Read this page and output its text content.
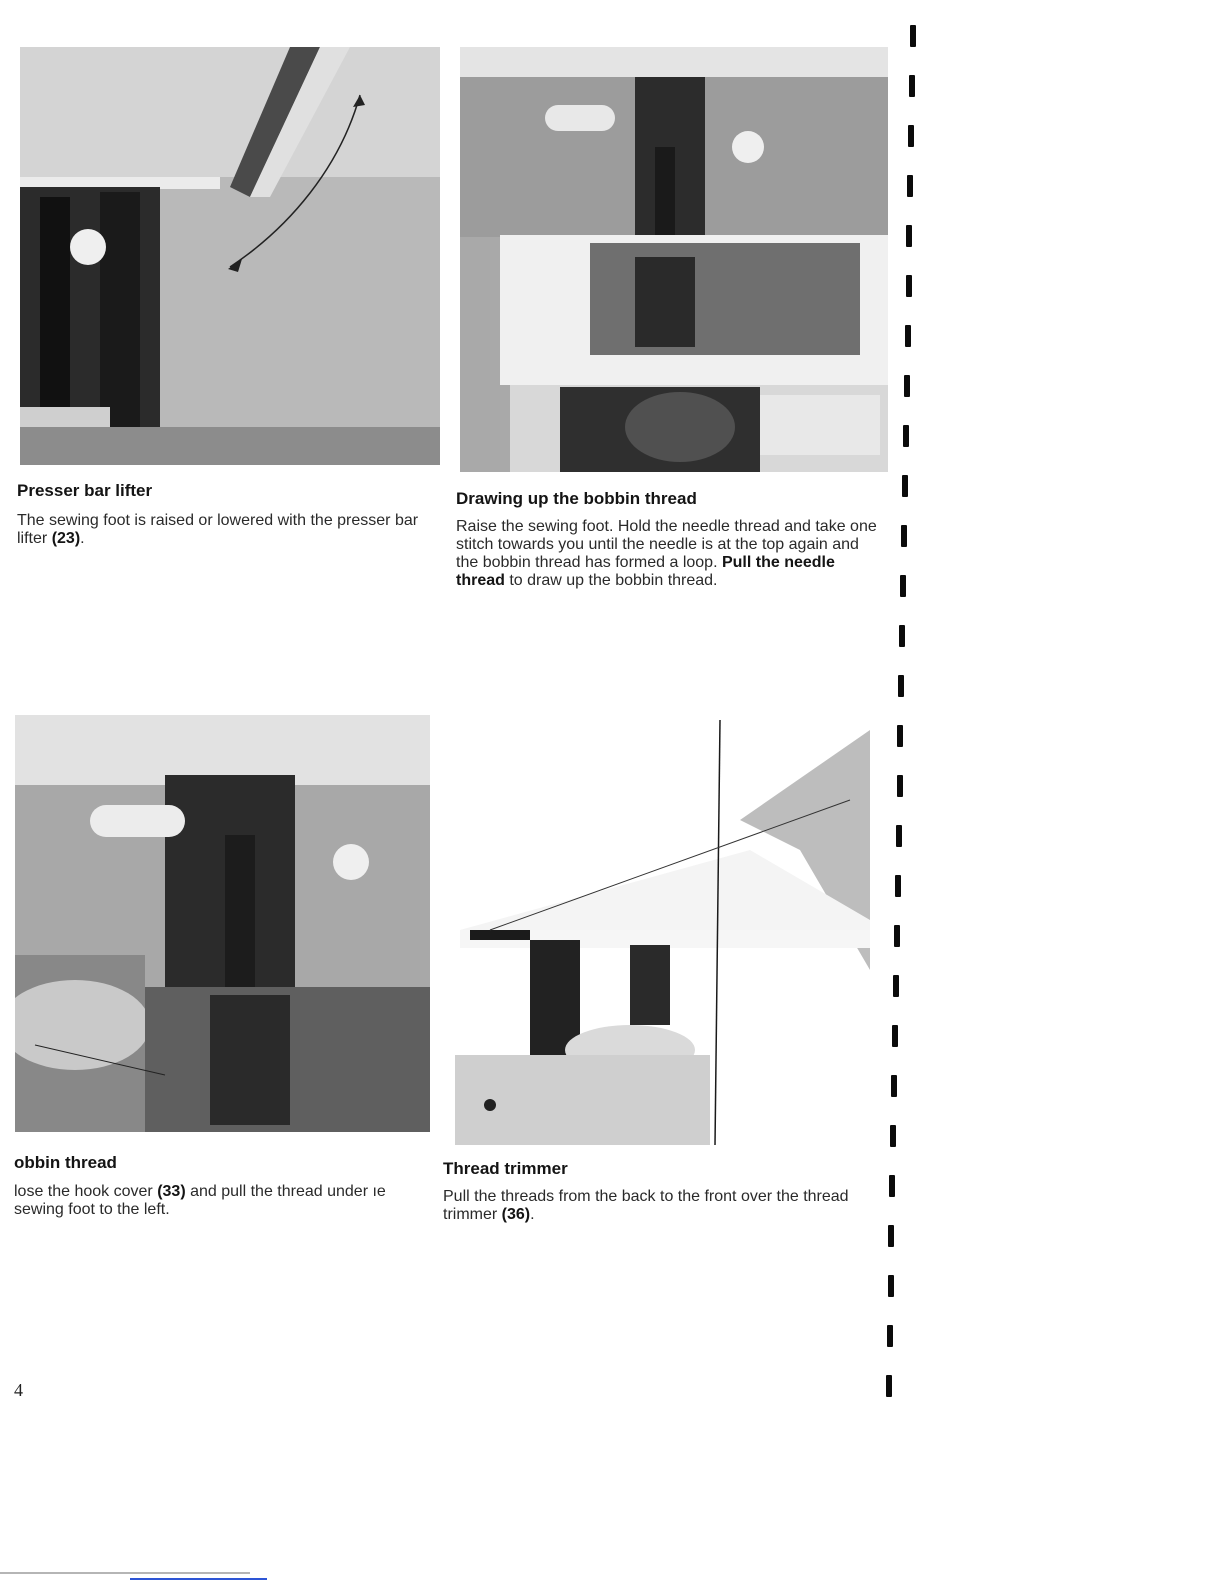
Presser bar lifter

The sewing foot is raised or lowered with the presser bar lifter (23).

Drawing up the bobbin thread

Raise the sewing foot. Hold the needle thread and take one stitch towards you until the needle is at the top again and the bobbin thread has formed a loop. Pull the needle thread to draw up the bobbin thread.

obbin thread

lose the hook cover (33) and pull the thread under ıe sewing foot to the left.

Thread trimmer

Pull the threads from the back to the front over the thread trimmer (36).

4
